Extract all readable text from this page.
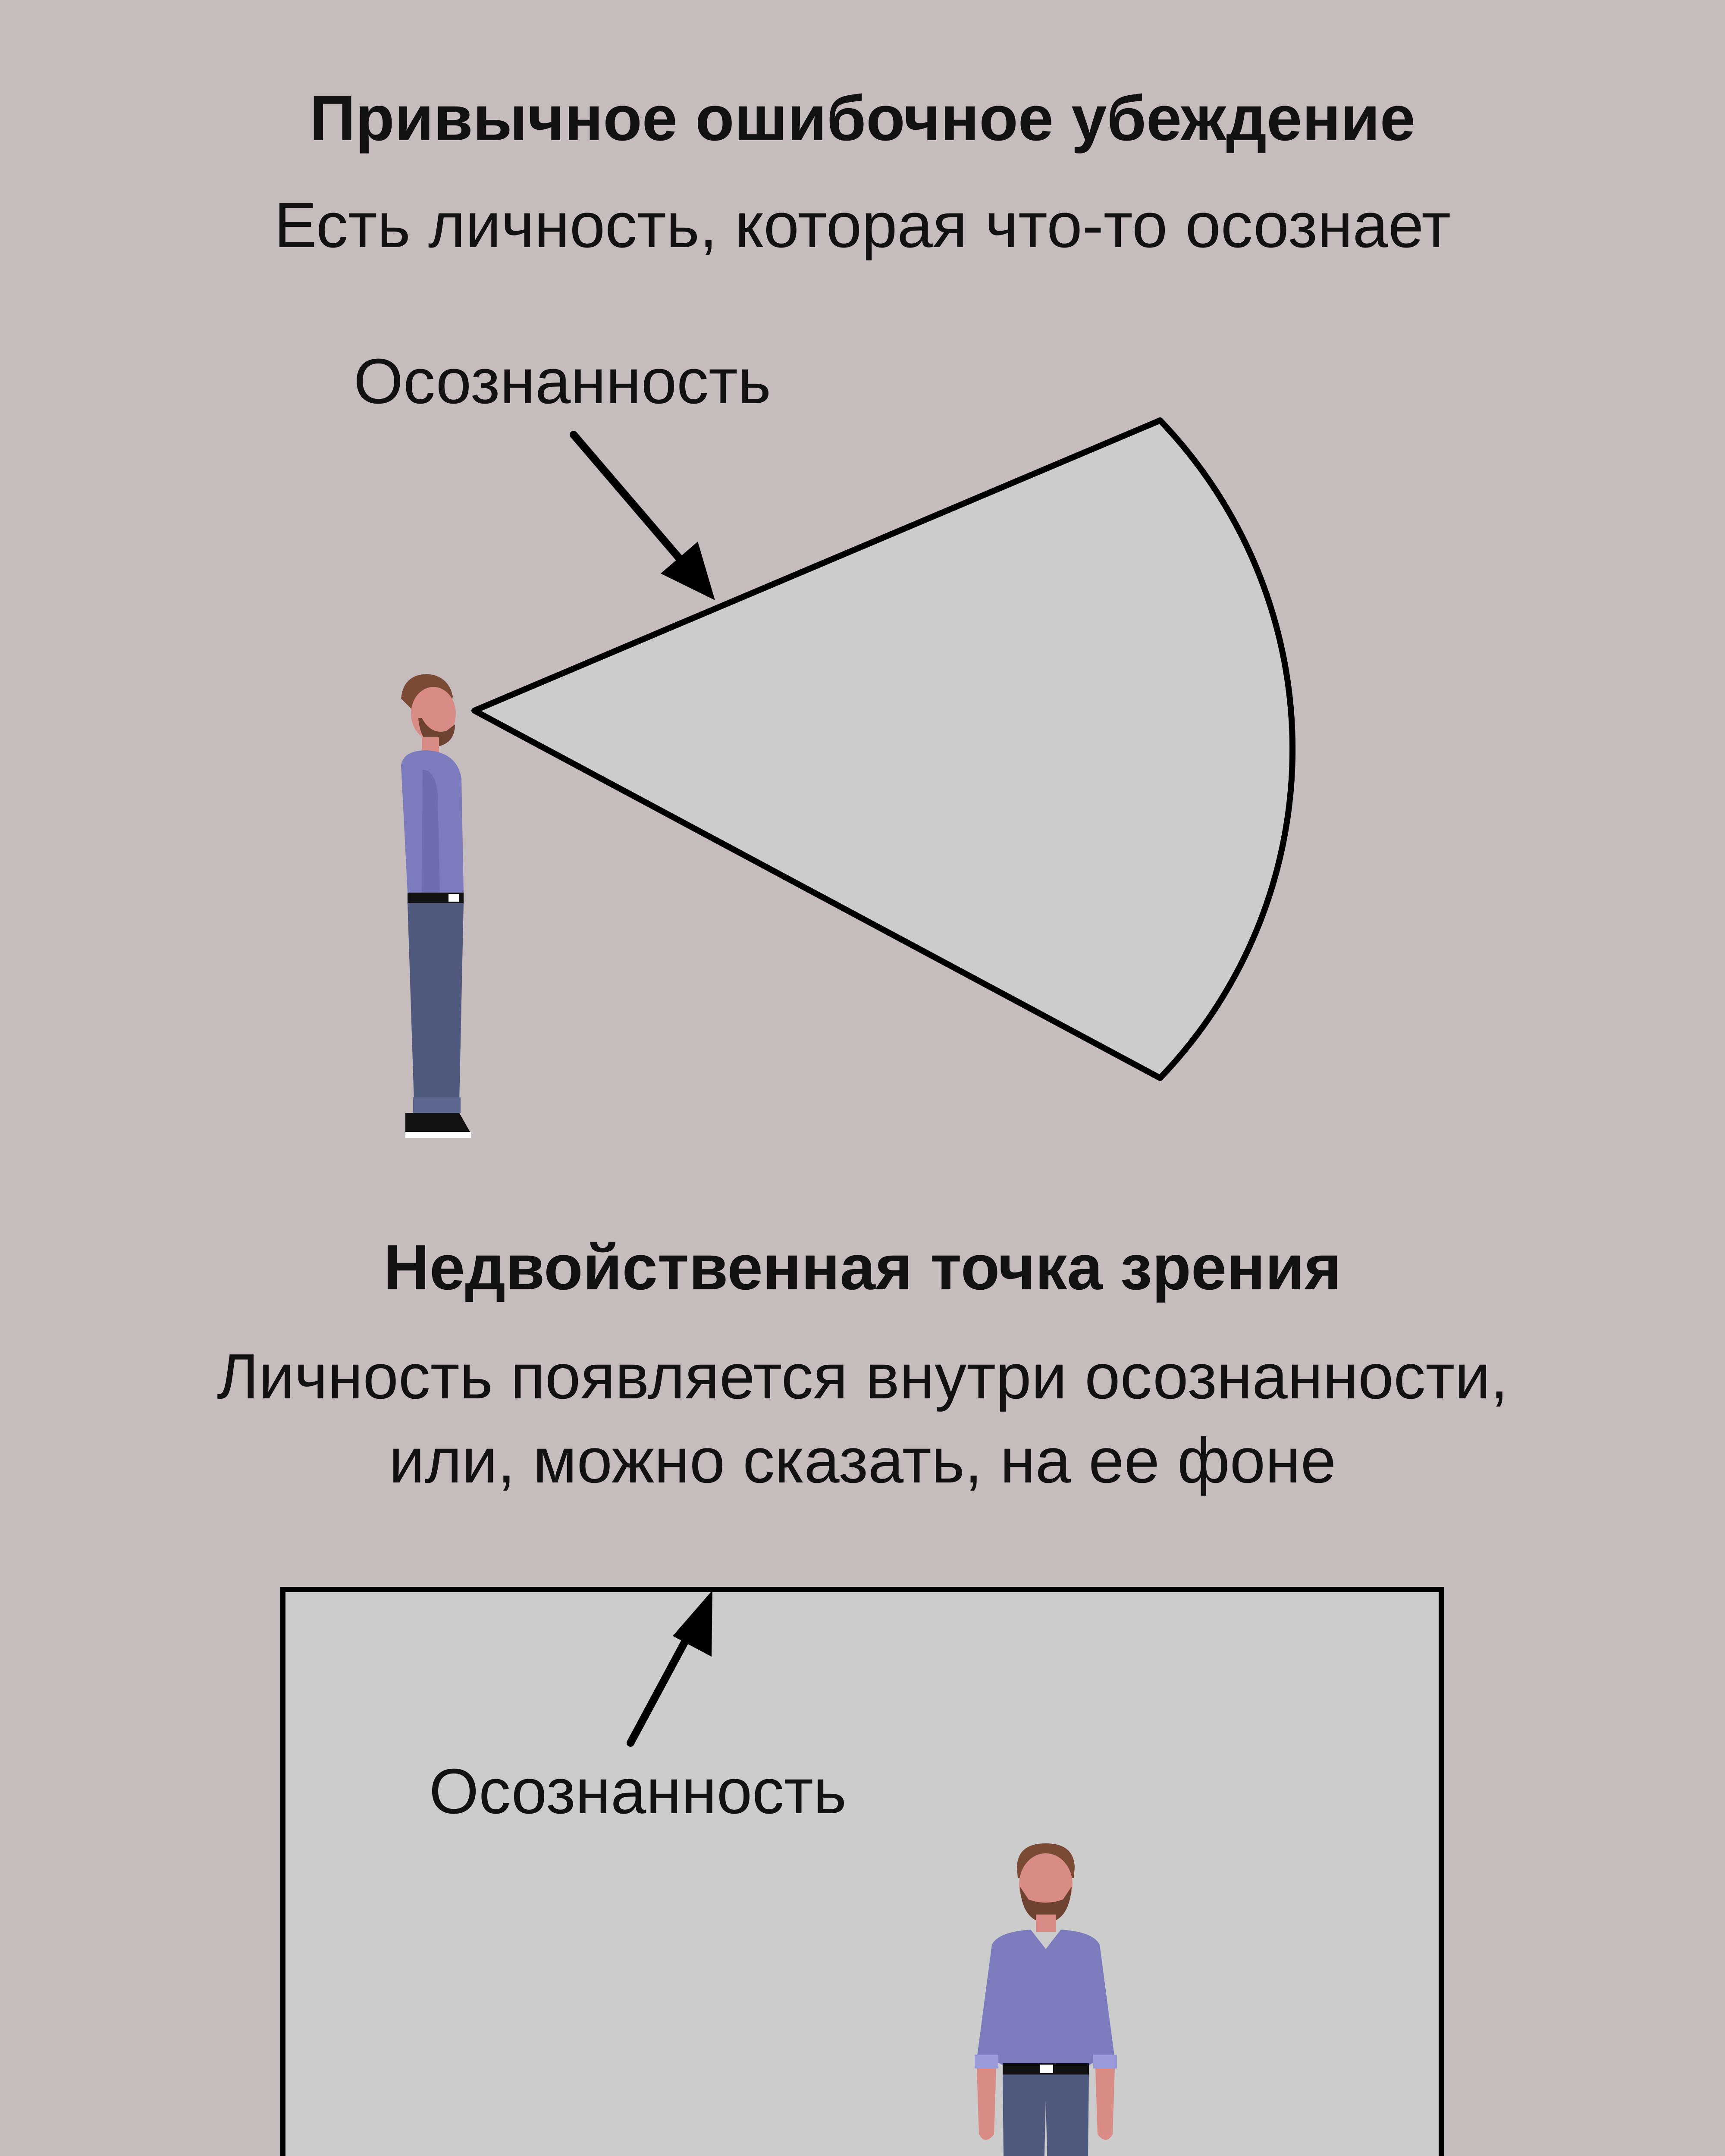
Привычное ошибочное убеждение
Есть личность, которая что-то осознает
Осознанность
Недвойственная точка зрения
Личность появляется внутри осознанности,
или, можно сказать, на ее фоне
Осознанность
